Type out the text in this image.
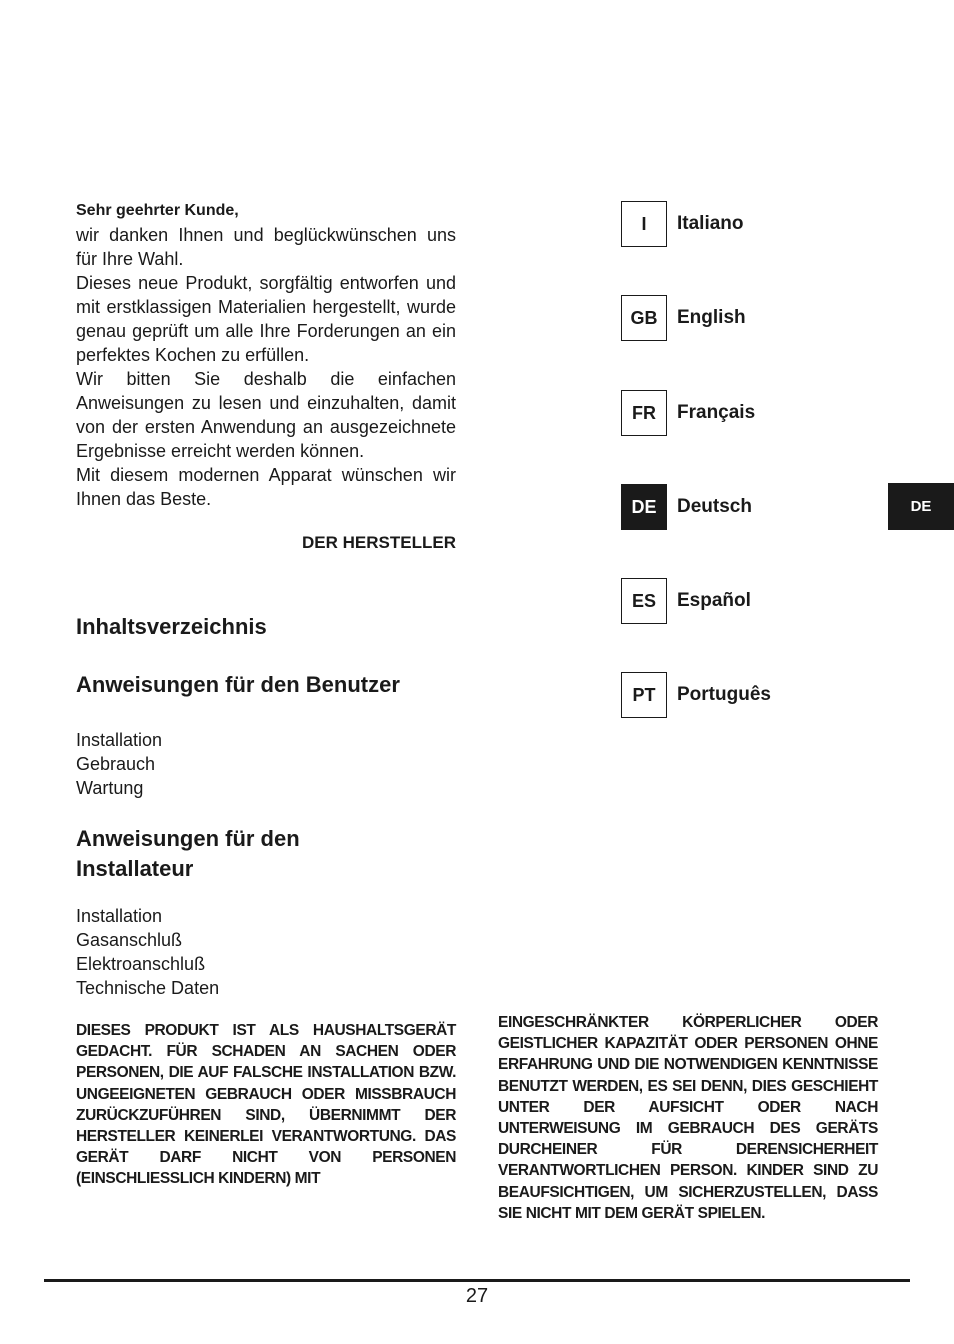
Sehr geehrter Kunde,

wir danken Ihnen und beglückwünschen uns für Ihre Wahl.

Dieses neue Produkt, sorgfältig entworfen und mit erstklassigen Materialien hergestellt, wurde genau geprüft um alle Ihre Forderungen an ein perfektes Kochen zu erfüllen.

Wir bitten Sie deshalb die einfachen Anweisungen zu lesen und einzuhalten, damit von der ersten Anwendung an ausgezeichnete Ergebnisse erreicht werden können.

Mit diesem modernen Apparat wünschen wir Ihnen das Beste.

DER HERSTELLER
Inhaltsverzeichnis
Anweisungen für den Benutzer
Installation
Gebrauch
Wartung
Anweisungen für den Installateur
Installation
Gasanschluß
Elektroanschluß
Technische Daten
DIESES PRODUKT IST ALS HAUSHALTSGERÄT GEDACHT. FÜR SCHADEN AN SACHEN ODER PERSONEN, DIE AUF FALSCHE INSTALLATION BZW. UNGEEIGNETEN GEBRAUCH ODER MISSBRAUCH ZURÜCKZUFÜHREN SIND, ÜBERNIMMT DER HERSTELLER KEINERLEI VERANTWORTUNG. DAS GERÄT DARF NICHT VON PERSONEN (EINSCHLIESSLICH KINDERN) MIT
EINGESCHRÄNKTER KÖRPERLICHER ODER GEISTLICHER KAPAZITÄT ODER PERSONEN OHNE ERFAHRUNG UND DIE NOTWENDIGEN KENNTNISSE BENUTZT WERDEN, ES SEI DENN, DIES GESCHIEHT UNTER DER AUFSICHT ODER NACH UNTERWEISUNG IM GEBRAUCH DES GERÄTS DURCHEINER FÜR DERENSICHERHEIT VERANTWORTLICHEN PERSON. KINDER SIND ZU BEAUFSICHTIGEN, UM SICHERZUSTELLEN, DASS SIE NICHT MIT DEM GERÄT SPIELEN.
I	Italiano
GB	English
FR	Français
DE	Deutsch
ES	Español
PT	Português
DE
27
